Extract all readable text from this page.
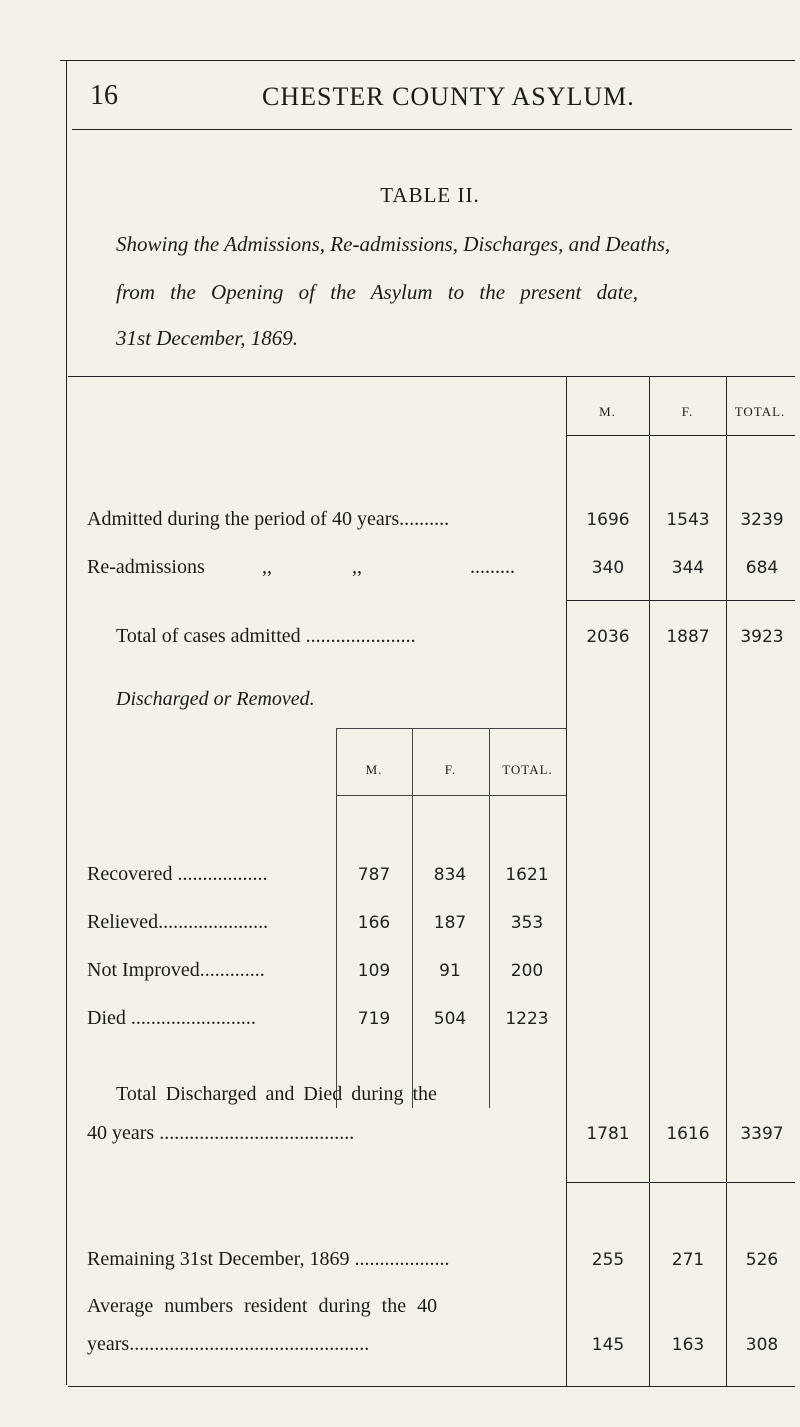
16	CHESTER COUNTY ASYLUM.
TABLE II.
Showing the Admissions, Re-admissions, Discharges, and Deaths,
from the Opening of the Asylum to the present date,
31st December, 1869.
M.	F.	TOTAL.
Admitted during the period of 40 years..........	1696	1543	3239
Re-admissions	,,	,,	.........	340	344	684
Total of cases admitted ......................	2036	1887	3923
Discharged or Removed.
M.	F.	TOTAL.
Recovered ..................	787	834	1621
Relieved......................	166	187	353
Not Improved.............	109	91	200
Died .........................	719	504	1223
Total Discharged and Died during the
40 years .......................................	1781	1616	3397
Remaining 31st December, 1869 ...................	255	271	526
Average numbers resident during the 40
years................................................	145	163	308
